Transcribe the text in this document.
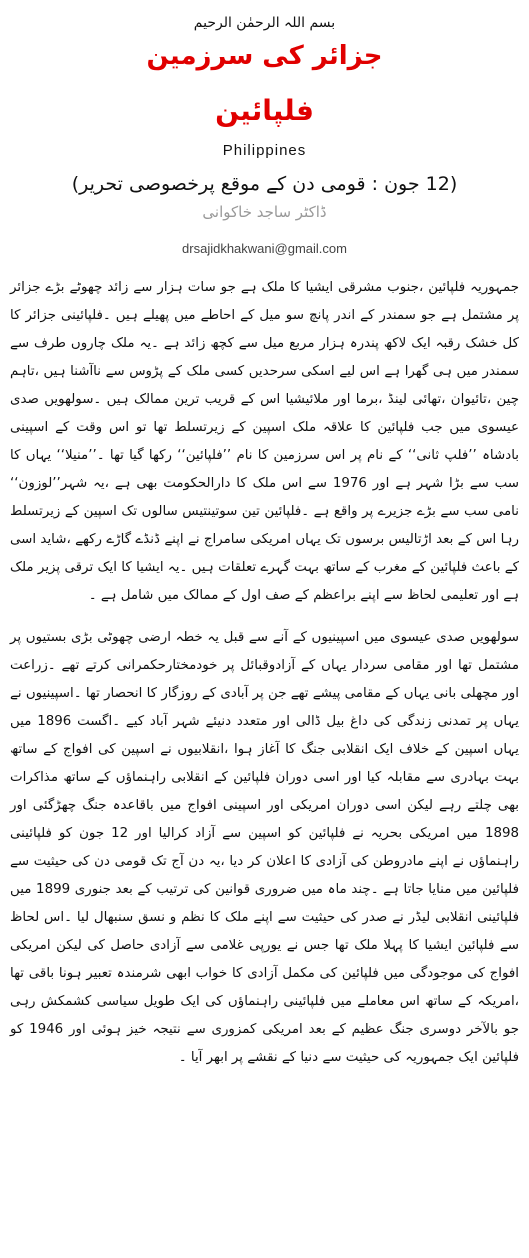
بسم اللہ الرحمٰن الرحیم
جزائر کی سرزمین
فلپائین
Philippines
(12 جون : قومی دن کے موقع پرخصوصی تحریر)
ڈاکٹر ساجد خاکوانی
drsajidkhakwani@gmail.com

جمہوریہ فلپائین ،جنوب مشرقی ایشیا کا ملک ہے جو سات ہزار سے زائد چھوٹے بڑے جزائر پر مشتمل ہے جو سمندر کے اندر پانچ سو میل کے احاطے میں پھیلے ہیں ۔فلپائینی جزائر کا کل خشک رقبہ ایک لاکھ پندرہ ہزار مربع میل سے کچھ زائد ہے ۔یہ ملک چاروں طرف سے سمندر میں ہی گھرا ہے اس لیے اسکی سرحدیں کسی ملک کے پڑوس سے ناآشنا ہیں ،تاہم چین ،تائیوان ،تھائی لینڈ ،برما اور ملائیشیا اس کے قریب ترین ممالک ہیں ۔سولھویں صدی عیسوی میں جب فلپائین کا علاقہ ملک اسپین کے زیرتسلط تھا تو اس وقت کے اسپینی بادشاہ ’’فلپ ثانی‘‘ کے نام پر اس سرزمین کا نام ’’فلپائین‘‘ رکھا گیا تھا ۔’’منیلا‘‘ یہاں کا سب سے بڑا شہر ہے اور 1976 سے اس ملک کا دارالحکومت بھی ہے ،یہ شہر’’لوزون‘‘ نامی سب سے بڑے جزیرے پر واقع ہے ۔فلپائین تین سوتینتیس سالوں تک اسپین کے زیرتسلط رہا اس کے بعد اڑتالیس برسوں تک یہاں امریکی سامراج نے اپنے ڈنڈے گاڑے رکھے ،شاید اسی کے باعث فلپائین کے مغرب کے ساتھ بہت گہرے تعلقات ہیں ۔یہ ایشیا کا ایک ترقی پزیر ملک ہے اور تعلیمی لحاظ سے اپنے براعظم کے صف اول کے ممالک میں شامل ہے ۔

سولھویں صدی عیسوی میں اسپینیوں کے آنے سے قبل یہ خطہ ارضی چھوٹی بڑی بستیوں پر مشتمل تھا اور مقامی سردار یہاں کے آزادوقبائل پر خودمختارحکمرانی کرتے تھے ۔زراعت اور مچھلی بانی یہاں کے مقامی پیشے تھے جن پر آبادی کے روزگار کا انحصار تھا ۔اسپینیوں نے یہاں پر تمدنی زندگی کی داغ بیل ڈالی اور متعدد دنیئے شہر آباد کیے ۔اگست 1896 میں یہاں اسپین کے خلاف ایک انقلابی جنگ کا آغاز ہوا ،انقلابیوں نے اسپین کی افواج کے ساتھ بہت بہادری سے مقابلہ کیا اور اسی دوران فلپائین کے انقلابی راہنماؤں کے ساتھ مذاکرات بھی چلتے رہے لیکن اسی دوران امریکی اور اسپینی افواج میں باقاعدہ جنگ چھڑگئی اور 1898 میں امریکی بحریہ نے فلپائین کو اسپین سے آزاد کرالیا اور 12 جون کو فلپائینی راہنماؤں نے اپنے مادروطن کی آزادی کا اعلان کر دیا ،یہ دن آج تک قومی دن کی حیثیت سے فلپائین میں منایا جاتا ہے ۔چند ماہ میں ضروری قوانین کی ترتیب کے بعد جنوری 1899 میں فلپائینی انقلابی لیڈر نے صدر کی حیثیت سے اپنے ملک کا نظم و نسق سنبھال لیا ۔اس لحاظ سے فلپائین ایشیا کا پہلا ملک تھا جس نے یورپی غلامی سے آزادی حاصل کی لیکن امریکی افواج کی موجودگی میں فلپائین کی مکمل آزادی کا خواب ابھی شرمندہ تعبیر ہونا باقی تھا ،امریکہ کے ساتھ اس معاملے میں فلپائینی راہنماؤں کی ایک طویل سیاسی کشمکش رہی جو بالآخر دوسری جنگ عظیم کے بعد امریکی کمزوری سے نتیجہ خیز ہوئی اور 1946 کو فلپائین ایک جمہوریہ کی حیثیت سے دنیا کے نقشے پر ابھر آیا ۔
